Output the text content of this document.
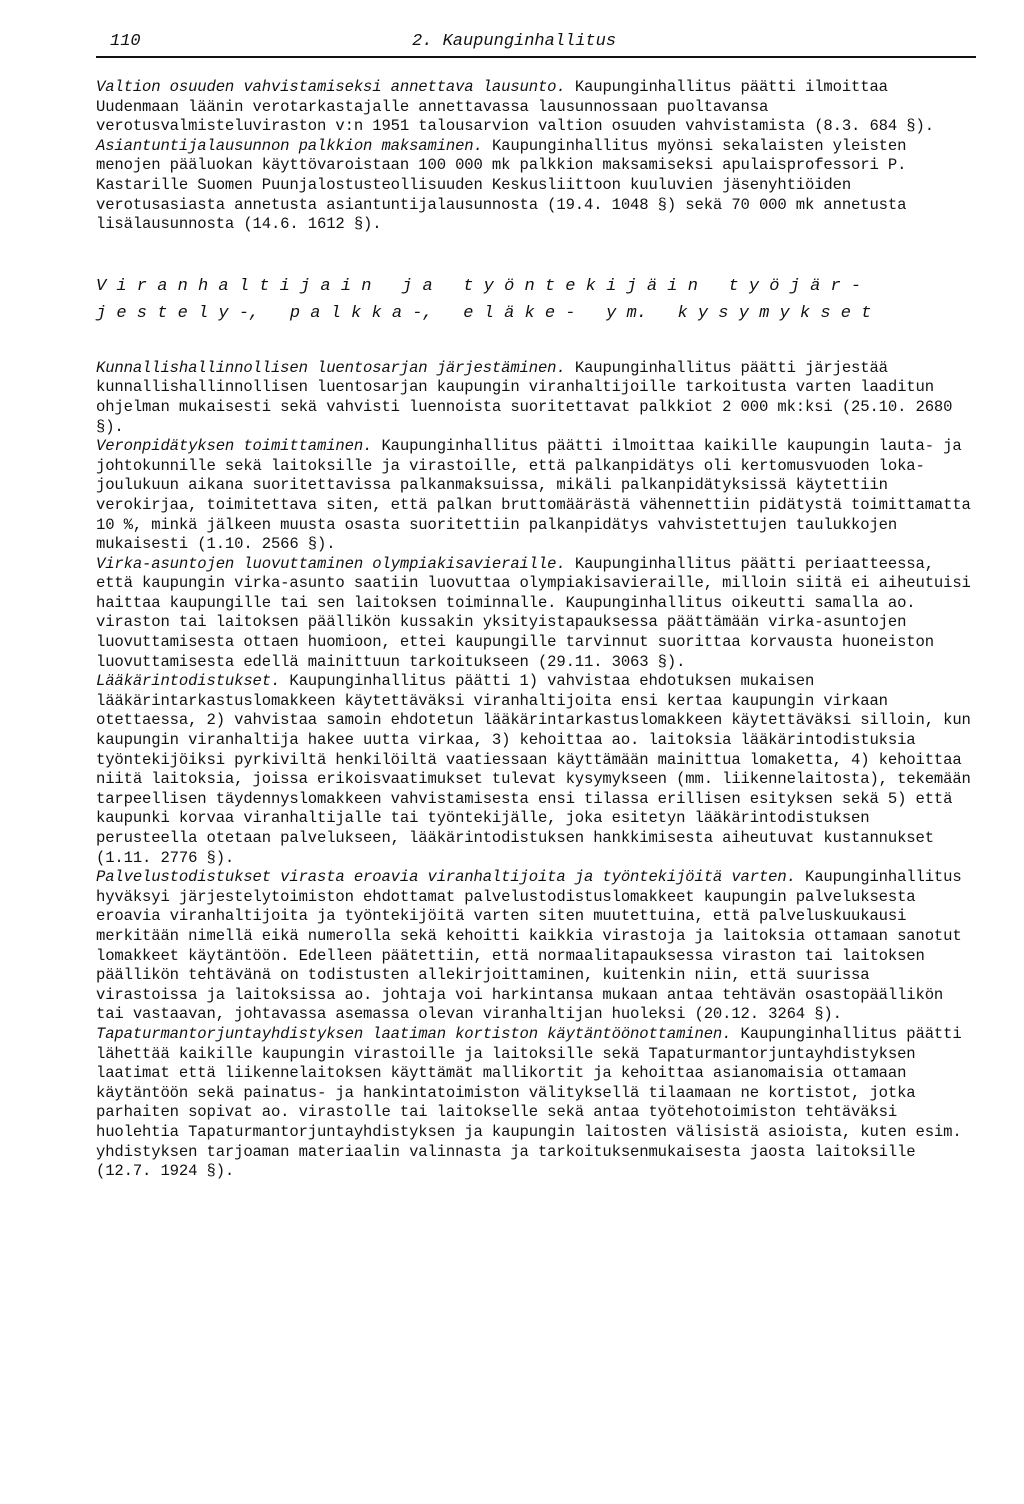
110	2. Kaupunginhallitus

Valtion osuuden vahvistamiseksi annettava lausunto. Kaupunginhallitus päätti ilmoittaa Uudenmaan läänin verotarkastajalle annettavassa lausunnossaan puoltavansa verotusvalmisteluviraston v:n 1951 talousarvion valtion osuuden vahvistamista (8.3. 684 §).

Asiantuntijalausunnon palkkion maksaminen. Kaupunginhallitus myönsi sekalaisten yleisten menojen pääluokan käyttövaroistaan 100 000 mk palkkion maksamiseksi apulaisprofessori P. Kastarille Suomen Puunjalostusteollisuuden Keskusliittoon kuuluvien jäsenyhtiöiden verotusasiasta annetusta asiantuntijalausunnosta (19.4. 1048 §) sekä 70 000 mk annetusta lisälausunnosta (14.6. 1612 §).

V i r a n h a l t i j a i n   j a   t y ö n t e k i j ä i n   t y ö j ä r -
j e s t e l y -,   p a l k k a -,   e l ä k e -   y m.   k y s y m y k s e t

Kunnallishallinnollisen luentosarjan järjestäminen. Kaupunginhallitus päätti järjestää kunnallishallinnollisen luentosarjan kaupungin viranhaltijoille tarkoitusta varten laaditun ohjelman mukaisesti sekä vahvisti luennoista suoritettavat palkkiot 2 000 mk:ksi (25.10. 2680 §).

Veronpidätyksen toimittaminen. Kaupunginhallitus päätti ilmoittaa kaikille kaupungin lauta- ja johtokunnille sekä laitoksille ja virastoille, että palkanpidätys oli kertomusvuoden loka-joulukuun aikana suoritettavissa palkanmaksuissa, mikäli palkanpidätyksissä käytettiin verokirjaa, toimitettava siten, että palkan bruttomäärästä vähennettiin pidätystä toimittamatta 10 %, minkä jälkeen muusta osasta suoritettiin palkanpidätys vahvistettujen taulukkojen mukaisesti (1.10. 2566 §).

Virka-asuntojen luovuttaminen olympiakisavieraille. Kaupunginhallitus päätti periaatteessa, että kaupungin virka-asunto saatiin luovuttaa olympiakisavieraille, milloin siitä ei aiheutuisi haittaa kaupungille tai sen laitoksen toiminnalle. Kaupunginhallitus oikeutti samalla ao. viraston tai laitoksen päällikön kussakin yksityistapauksessa päättämään virka-asuntojen luovuttamisesta ottaen huomioon, ettei kaupungille tarvinnut suorittaa korvausta huoneiston luovuttamisesta edellä mainittuun tarkoitukseen (29.11. 3063 §).

Lääkärintodistukset. Kaupunginhallitus päätti 1) vahvistaa ehdotuksen mukaisen lääkärintarkastuslomakkeen käytettäväksi viranhaltijoita ensi kertaa kaupungin virkaan otettaessa, 2) vahvistaa samoin ehdotetun lääkärintarkastuslomakkeen käytettäväksi silloin, kun kaupungin viranhaltija hakee uutta virkaa, 3) kehoittaa ao. laitoksia lääkärintodistuksia työntekijöiksi pyrkiviltä henkilöiltä vaatiessaan käyttämään mainittua lomaketta, 4) kehoittaa niitä laitoksia, joissa erikoisvaatimukset tulevat kysymykseen (mm. liikennelaitosta), tekemään tarpeellisen täydennyslomakkeen vahvistamisesta ensi tilassa erillisen esityksen sekä 5) että kaupunki korvaa viranhaltijalle tai työntekijälle, joka esitetyn lääkärintodistuksen perusteella otetaan palvelukseen, lääkärintodistuksen hankkimisesta aiheutuvat kustannukset (1.11. 2776 §).

Palvelustodistukset virasta eroavia viranhaltijoita ja työntekijöitä varten. Kaupunginhallitus hyväksyi järjestelytoimiston ehdottamat palvelustodistuslomakkeet kaupungin palveluksesta eroavia viranhaltijoita ja työntekijöitä varten siten muutettuina, että palveluskuukausi merkitään nimellä eikä numerolla sekä kehoitti kaikkia virastoja ja laitoksia ottamaan sanotut lomakkeet käytäntöön. Edelleen päätettiin, että normaalitapauksessa viraston tai laitoksen päällikön tehtävänä on todistusten allekirjoittaminen, kuitenkin niin, että suurissa virastoissa ja laitoksissa ao. johtaja voi harkintansa mukaan antaa tehtävän osastopäällikön tai vastaavan, johtavassa asemassa olevan viranhaltijan huoleksi (20.12. 3264 §).

Tapaturmantorjuntayhdistyksen laatiman kortiston käytäntöönottaminen. Kaupunginhallitus päätti lähettää kaikille kaupungin virastoille ja laitoksille sekä Tapaturmantorjuntayhdistyksen laatimat että liikennelaitoksen käyttämät mallikortit ja kehoittaa asianomaisia ottamaan käytäntöön sekä painatus- ja hankintatoimiston välityksellä tilaamaan ne kortistot, jotka parhaiten sopivat ao. virastolle tai laitokselle sekä antaa työtehotoimiston tehtäväksi huolehtia Tapaturmantorjuntayhdistyksen ja kaupungin laitosten välisistä asioista, kuten esim. yhdistyksen tarjoaman materiaalin valinnasta ja tarkoituksenmukaisesta jaosta laitoksille (12.7. 1924 §).
